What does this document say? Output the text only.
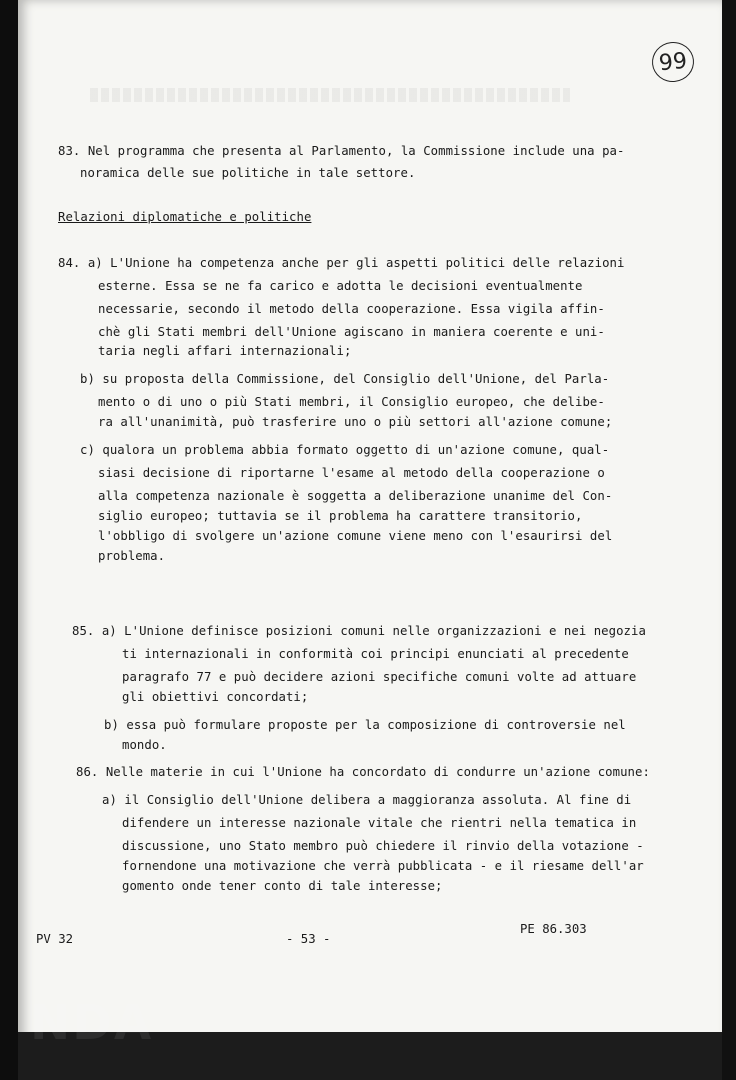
99
83. Nel programma che presenta al Parlamento, la Commissione include una pa-
noramica delle sue politiche in tale settore.
Relazioni diplomatiche e politiche
84. a) L'Unione ha competenza anche per gli aspetti politici delle relazioni
esterne. Essa se ne fa carico e adotta le decisioni eventualmente
necessarie, secondo il metodo della cooperazione. Essa vigila affin-
chè gli Stati membri dell'Unione agiscano in maniera coerente e uni-
taria negli affari internazionali;
b) su proposta della Commissione, del Consiglio dell'Unione, del Parla-
mento o di uno o più Stati membri, il Consiglio europeo, che delibe-
ra all'unanimità, può trasferire uno o più settori all'azione comune;
c) qualora un problema abbia formato oggetto di un'azione comune, qual-
siasi decisione di riportarne l'esame al metodo della cooperazione o
alla competenza nazionale è soggetta a deliberazione unanime del Con-
siglio europeo; tuttavia se il problema ha carattere transitorio,
l'obbligo di svolgere un'azione comune viene meno con l'esaurirsi del
problema.
85. a) L'Unione definisce posizioni comuni nelle organizzazioni e nei negozia
ti internazionali in conformità coi principi enunciati al precedente
paragrafo 77 e può decidere azioni specifiche comuni volte ad attuare
gli obiettivi concordati;
b) essa può formulare proposte per la composizione di controversie nel
mondo.
86. Nelle materie in cui l'Unione ha concordato di condurre un'azione comune:
a) il Consiglio dell'Unione delibera a maggioranza assoluta. Al fine di
difendere un interesse nazionale vitale che rientri nella tematica in
discussione, uno Stato membro può chiedere il rinvio della votazione -
fornendone una motivazione che verrà pubblicata - e il riesame dell'ar
gomento onde tener conto di tale interesse;
PV 32	- 53 -
PE 86.303
NDA
